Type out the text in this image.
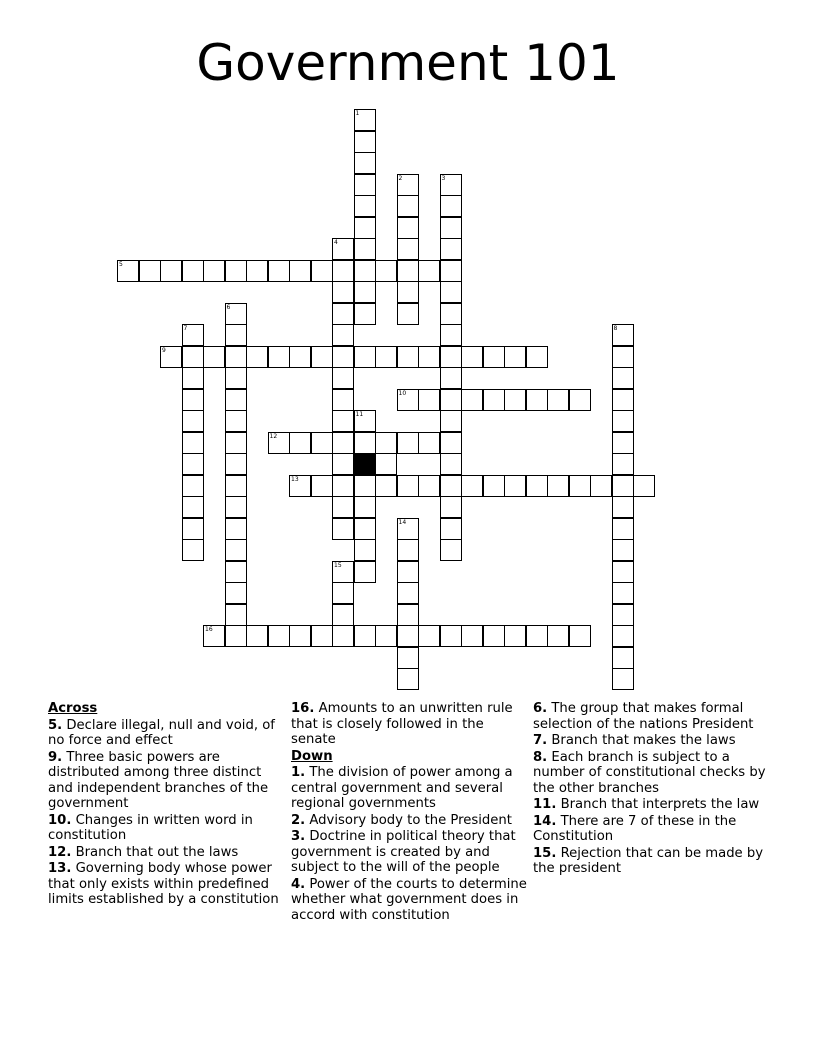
Government 101
1
2	3
4
5
6
7	8
9
10
11
12
13
14
15
16
Across
5. Declare illegal, null and void, of no force and effect
9. Three basic powers are distributed among three distinct and independent branches of the government
10. Changes in written word in constitution
12. Branch that out the laws
13. Governing body whose power that only exists within predefined limits established by a constitution
16. Amounts to an unwritten rule that is closely followed in the senate
Down
1. The division of power among a central government and several regional governments
2. Advisory body to the President
3. Doctrine in political theory that government is created by and subject to the will of the people
4. Power of the courts to determine whether what government does in accord with constitution
6. The group that makes formal selection of the nations President
7. Branch that makes the laws
8. Each branch is subject to a number of constitutional checks by the other branches
11. Branch that interprets the law
14. There are 7 of these in the Constitution
15. Rejection that can be made by the president
